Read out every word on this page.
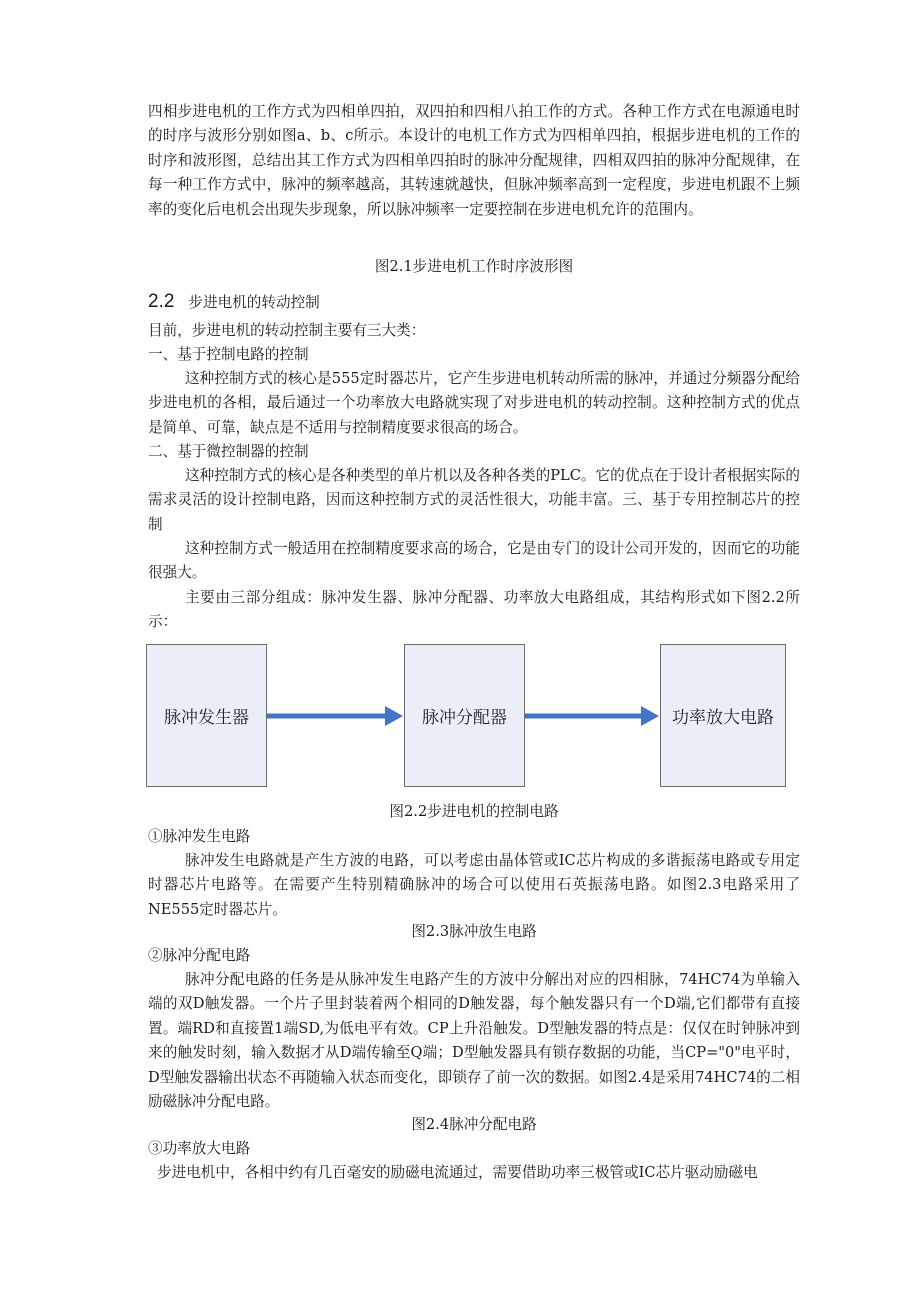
四相步进电机的工作方式为四相单四拍，双四拍和四相八拍工作的方式。各种工作方式在电源通电时的时序与波形分别如图a、b、c所示。本设计的电机工作方式为四相单四拍，根据步进电机的工作的时序和波形图，总结出其工作方式为四相单四拍时的脉冲分配规律，四相双四拍的脉冲分配规律，在每一种工作方式中，脉冲的频率越高，其转速就越快，但脉冲频率高到一定程度，步进电机跟不上频率的变化后电机会出现失步现象，所以脉冲频率一定要控制在步进电机允许的范围内。

图2.1步进电机工作时序波形图

2.2 步进电机的转动控制

目前，步进电机的转动控制主要有三大类：

一、基于控制电路的控制

这种控制方式的核心是555定时器芯片，它产生步进电机转动所需的脉冲，并通过分频器分配给步进电机的各相，最后通过一个功率放大电路就实现了对步进电机的转动控制。这种控制方式的优点是简单、可靠，缺点是不适用与控制精度要求很高的场合。

二、基于微控制器的控制

这种控制方式的核心是各种类型的单片机以及各种各类的PLC。它的优点在于设计者根据实际的需求灵活的设计控制电路，因而这种控制方式的灵活性很大，功能丰富。三、基于专用控制芯片的控制

这种控制方式一般适用在控制精度要求高的场合，它是由专门的设计公司开发的，因而它的功能很强大。

主要由三部分组成：脉冲发生器、脉冲分配器、功率放大电路组成，其结构形式如下图2.2所示：

脉冲发生器	脉冲分配器	功率放大电路

图2.2步进电机的控制电路

①脉冲发生电路

脉冲发生电路就是产生方波的电路，可以考虑由晶体管或IC芯片构成的多谐振荡电路或专用定时器芯片电路等。在需要产生特别精确脉冲的场合可以使用石英振荡电路。如图2.3电路采用了NE555定时器芯片。

图2.3脉冲放生电路

②脉冲分配电路

脉冲分配电路的任务是从脉冲发生电路产生的方波中分解出对应的四相脉，74HC74为单输入端的双D触发器。一个片子里封装着两个相同的D触发器，每个触发器只有一个D端,它们都带有直接置。端RD和直接置1端SD,为低电平有效。CP上升沿触发。D型触发器的特点是：仅仅在时钟脉冲到来的触发时刻，输入数据才从D端传输至Q端；D型触发器具有锁存数据的功能，当CP="0"电平时，D型触发器输出状态不再随输入状态而变化，即锁存了前一次的数据。如图2.4是采用74HC74的二相励磁脉冲分配电路。

图2.4脉冲分配电路

③功率放大电路

步进电机中，各相中约有几百毫安的励磁电流通过，需要借助功率三极管或IC芯片驱动励磁电
